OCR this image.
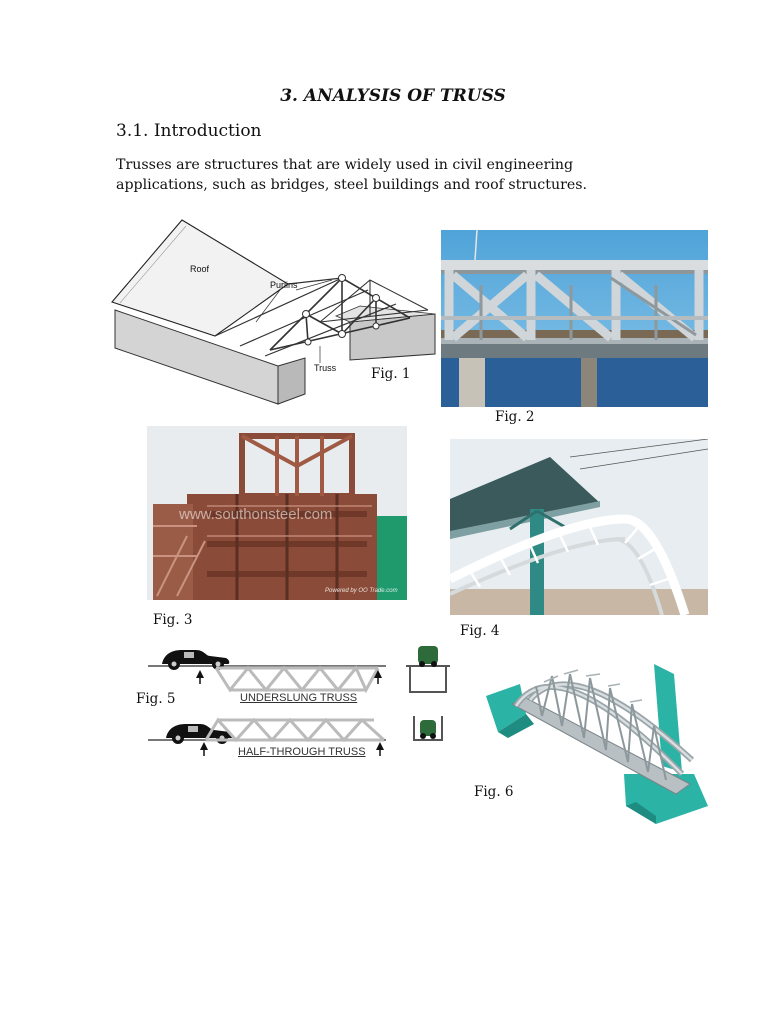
3. ANALYSIS OF TRUSS
3.1. Introduction
Trusses are structures that are widely used in civil engineering applications, such as bridges, steel buildings and roof structures.
Roof
Purlins
Truss	Fig. 1
Fig. 2
www.southonsteel.com
Powered by OO Trade.com
Fig. 3
Fig. 4
UNDERSLUNG TRUSS
HALF-THROUGH TRUSS
Fig. 5
Fig. 6
